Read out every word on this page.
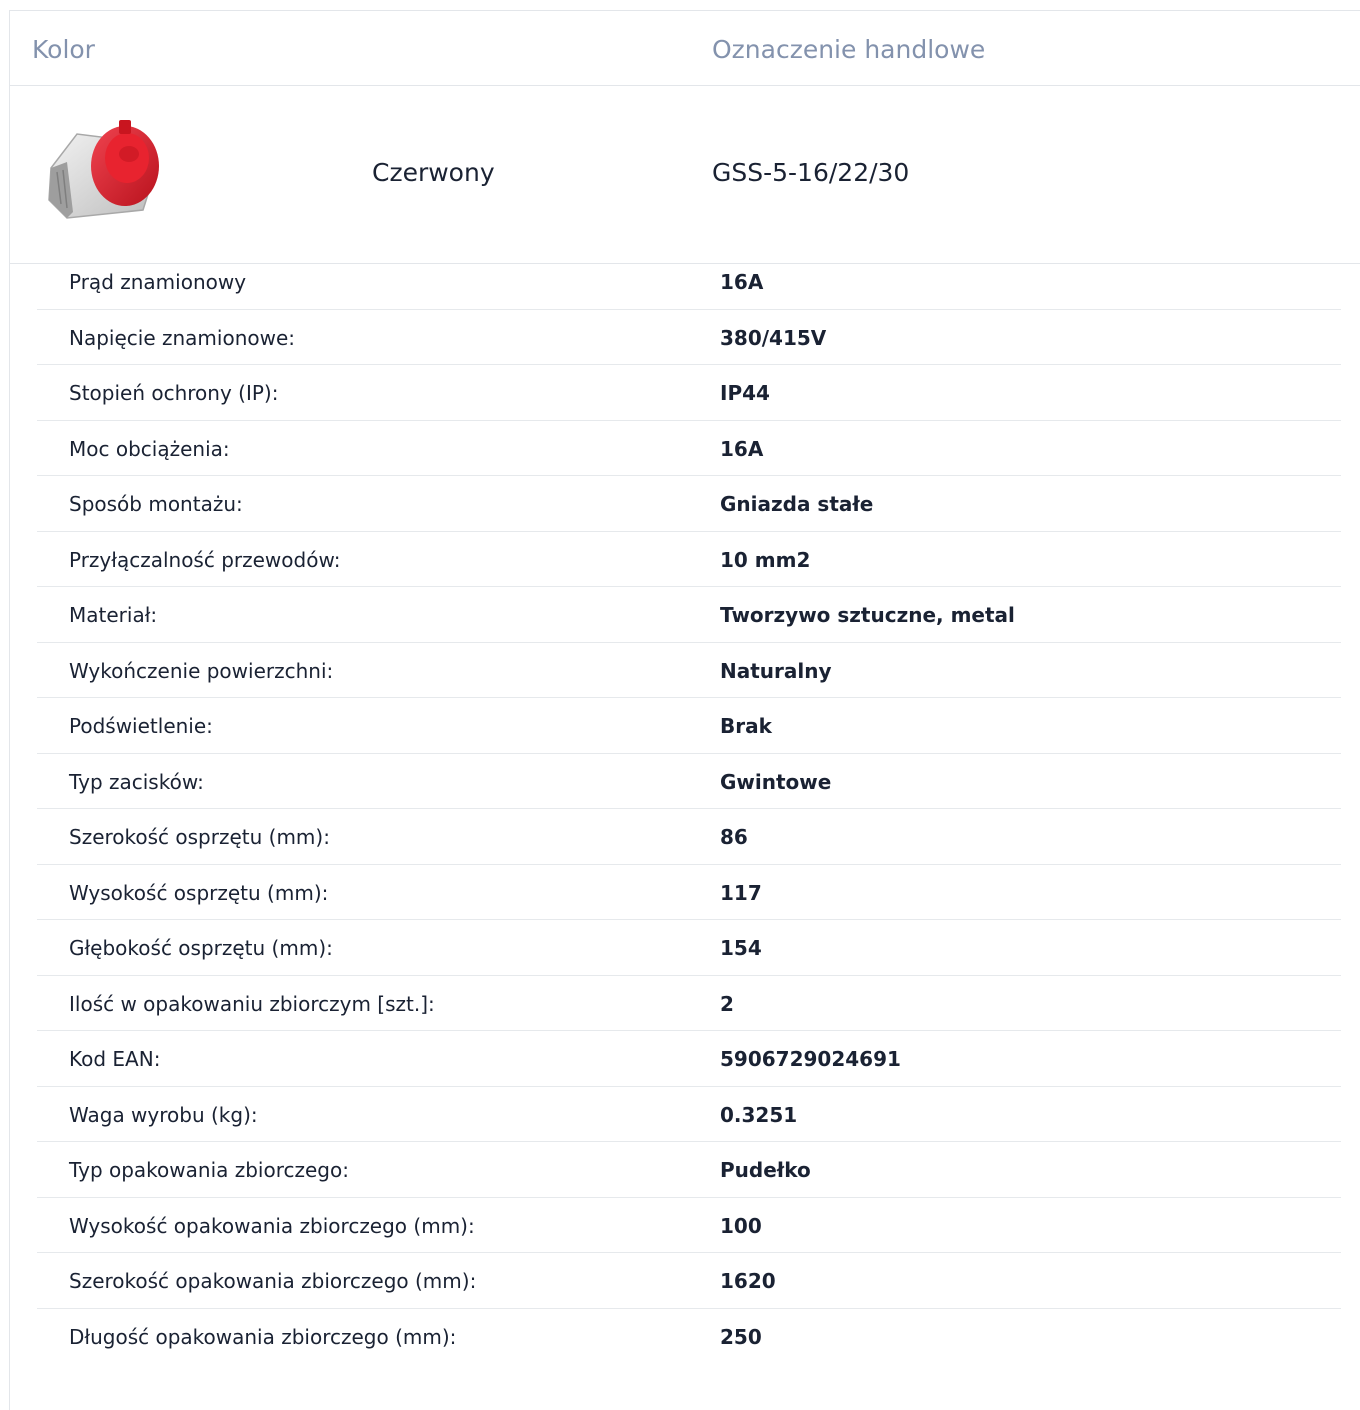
Kolor	Oznaczenie handlowe
Czerwony	GSS-5-16/22/30
Prąd znamionowy	16A
Napięcie znamionowe:	380/415V
Stopień ochrony (IP):	IP44
Moc obciążenia:	16A
Sposób montażu:	Gniazda stałe
Przyłączalność przewodów:	10 mm2
Materiał:	Tworzywo sztuczne, metal
Wykończenie powierzchni:	Naturalny
Podświetlenie:	Brak
Typ zacisków:	Gwintowe
Szerokość osprzętu (mm):	86
Wysokość osprzętu (mm):	117
Głębokość osprzętu (mm):	154
Ilość w opakowaniu zbiorczym [szt.]:	2
Kod EAN:	5906729024691
Waga wyrobu (kg):	0.3251
Typ opakowania zbiorczego:	Pudełko
Wysokość opakowania zbiorczego (mm):	100
Szerokość opakowania zbiorczego (mm):	1620
Długość opakowania zbiorczego (mm):	250
